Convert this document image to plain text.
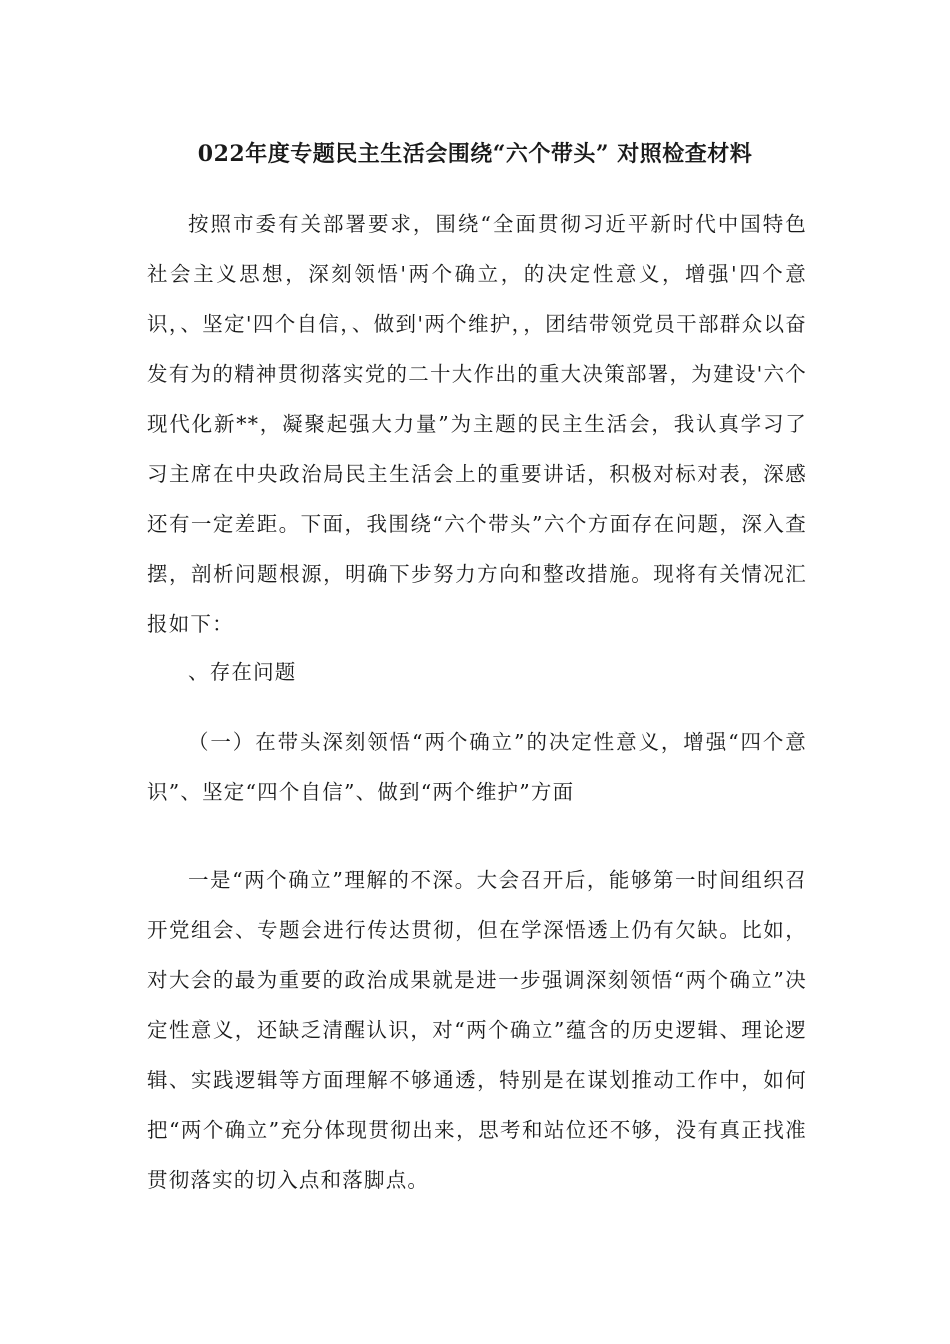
022年度专题民主生活会围绕“六个带头” 对照检查材料

按照市委有关部署要求，围绕“全面贯彻习近平新时代中国特色社会主义思想，深刻领悟'两个确立，的决定性意义，增强'四个意识，、坚定'四个自信，、做到'两个维护，，团结带领党员干部群众以奋发有为的精神贯彻落实党的二十大作出的重大决策部署，为建设'六个现代化新**，凝聚起强大力量”为主题的民主生活会，我认真学习了习主席在中央政治局民主生活会上的重要讲话，积极对标对表，深感还有一定差距。下面，我围绕“六个带头”六个方面存在问题，深入查摆，剖析问题根源，明确下步努力方向和整改措施。现将有关情况汇报如下：

、存在问题

（一）在带头深刻领悟“两个确立”的决定性意义，增强“四个意识”、坚定“四个自信”、做到“两个维护”方面

一是“两个确立”理解的不深。大会召开后，能够第一时间组织召开党组会、专题会进行传达贯彻，但在学深悟透上仍有欠缺。比如，对大会的最为重要的政治成果就是进一步强调深刻领悟“两个确立”决定性意义，还缺乏清醒认识，对“两个确立”蕴含的历史逻辑、理论逻辑、实践逻辑等方面理解不够通透，特别是在谋划推动工作中，如何把“两个确立”充分体现贯彻出来，思考和站位还不够，没有真正找准贯彻落实的切入点和落脚点。
